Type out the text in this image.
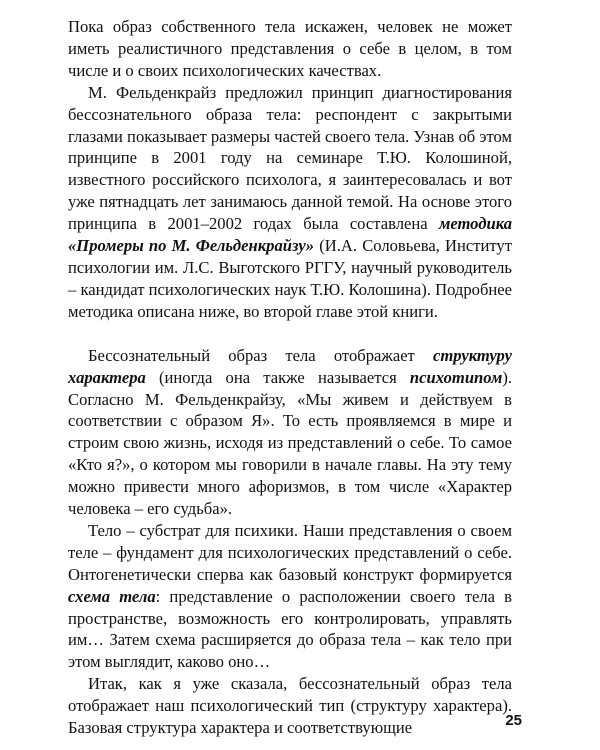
Пока образ собственного тела искажен, человек не может иметь реалистичного представления о себе в целом, в том числе и о своих психологических качествах.

М. Фельденкрайз предложил принцип диагностирования бессознательного образа тела: респондент с закрытыми глазами показывает размеры частей своего тела. Узнав об этом принципе в 2001 году на семинаре Т.Ю. Колошиной, известного российского психолога, я заинтересовалась и вот уже пятнадцать лет занимаюсь данной темой. На основе этого принципа в 2001–2002 годах была составлена методика «Промеры по М. Фельденкрайзу» (И.А. Соловьева, Институт психологии им. Л.С. Выготского РГГУ, научный руководитель – кандидат психологических наук Т.Ю. Колошина). Подробнее методика описана ниже, во второй главе этой книги.

Бессознательный образ тела отображает структуру характера (иногда она также называется психотипом). Согласно М. Фельденкрайзу, «Мы живем и действуем в соответствии с образом Я». То есть проявляемся в мире и строим свою жизнь, исходя из представлений о себе. То самое «Кто я?», о котором мы говорили в начале главы. На эту тему можно привести много афоризмов, в том числе «Характер человека – его судьба».

Тело – субстрат для психики. Наши представления о своем теле – фундамент для психологических представлений о себе. Онтогенетически сперва как базовый конструкт формируется схема тела: представление о расположении своего тела в пространстве, возможность его контролировать, управлять им… Затем схема расширяется до образа тела – как тело при этом выглядит, каково оно…

Итак, как я уже сказала, бессознательный образ тела отображает наш психологический тип (структуру характера). Базовая структура характера и соответствующие	25
